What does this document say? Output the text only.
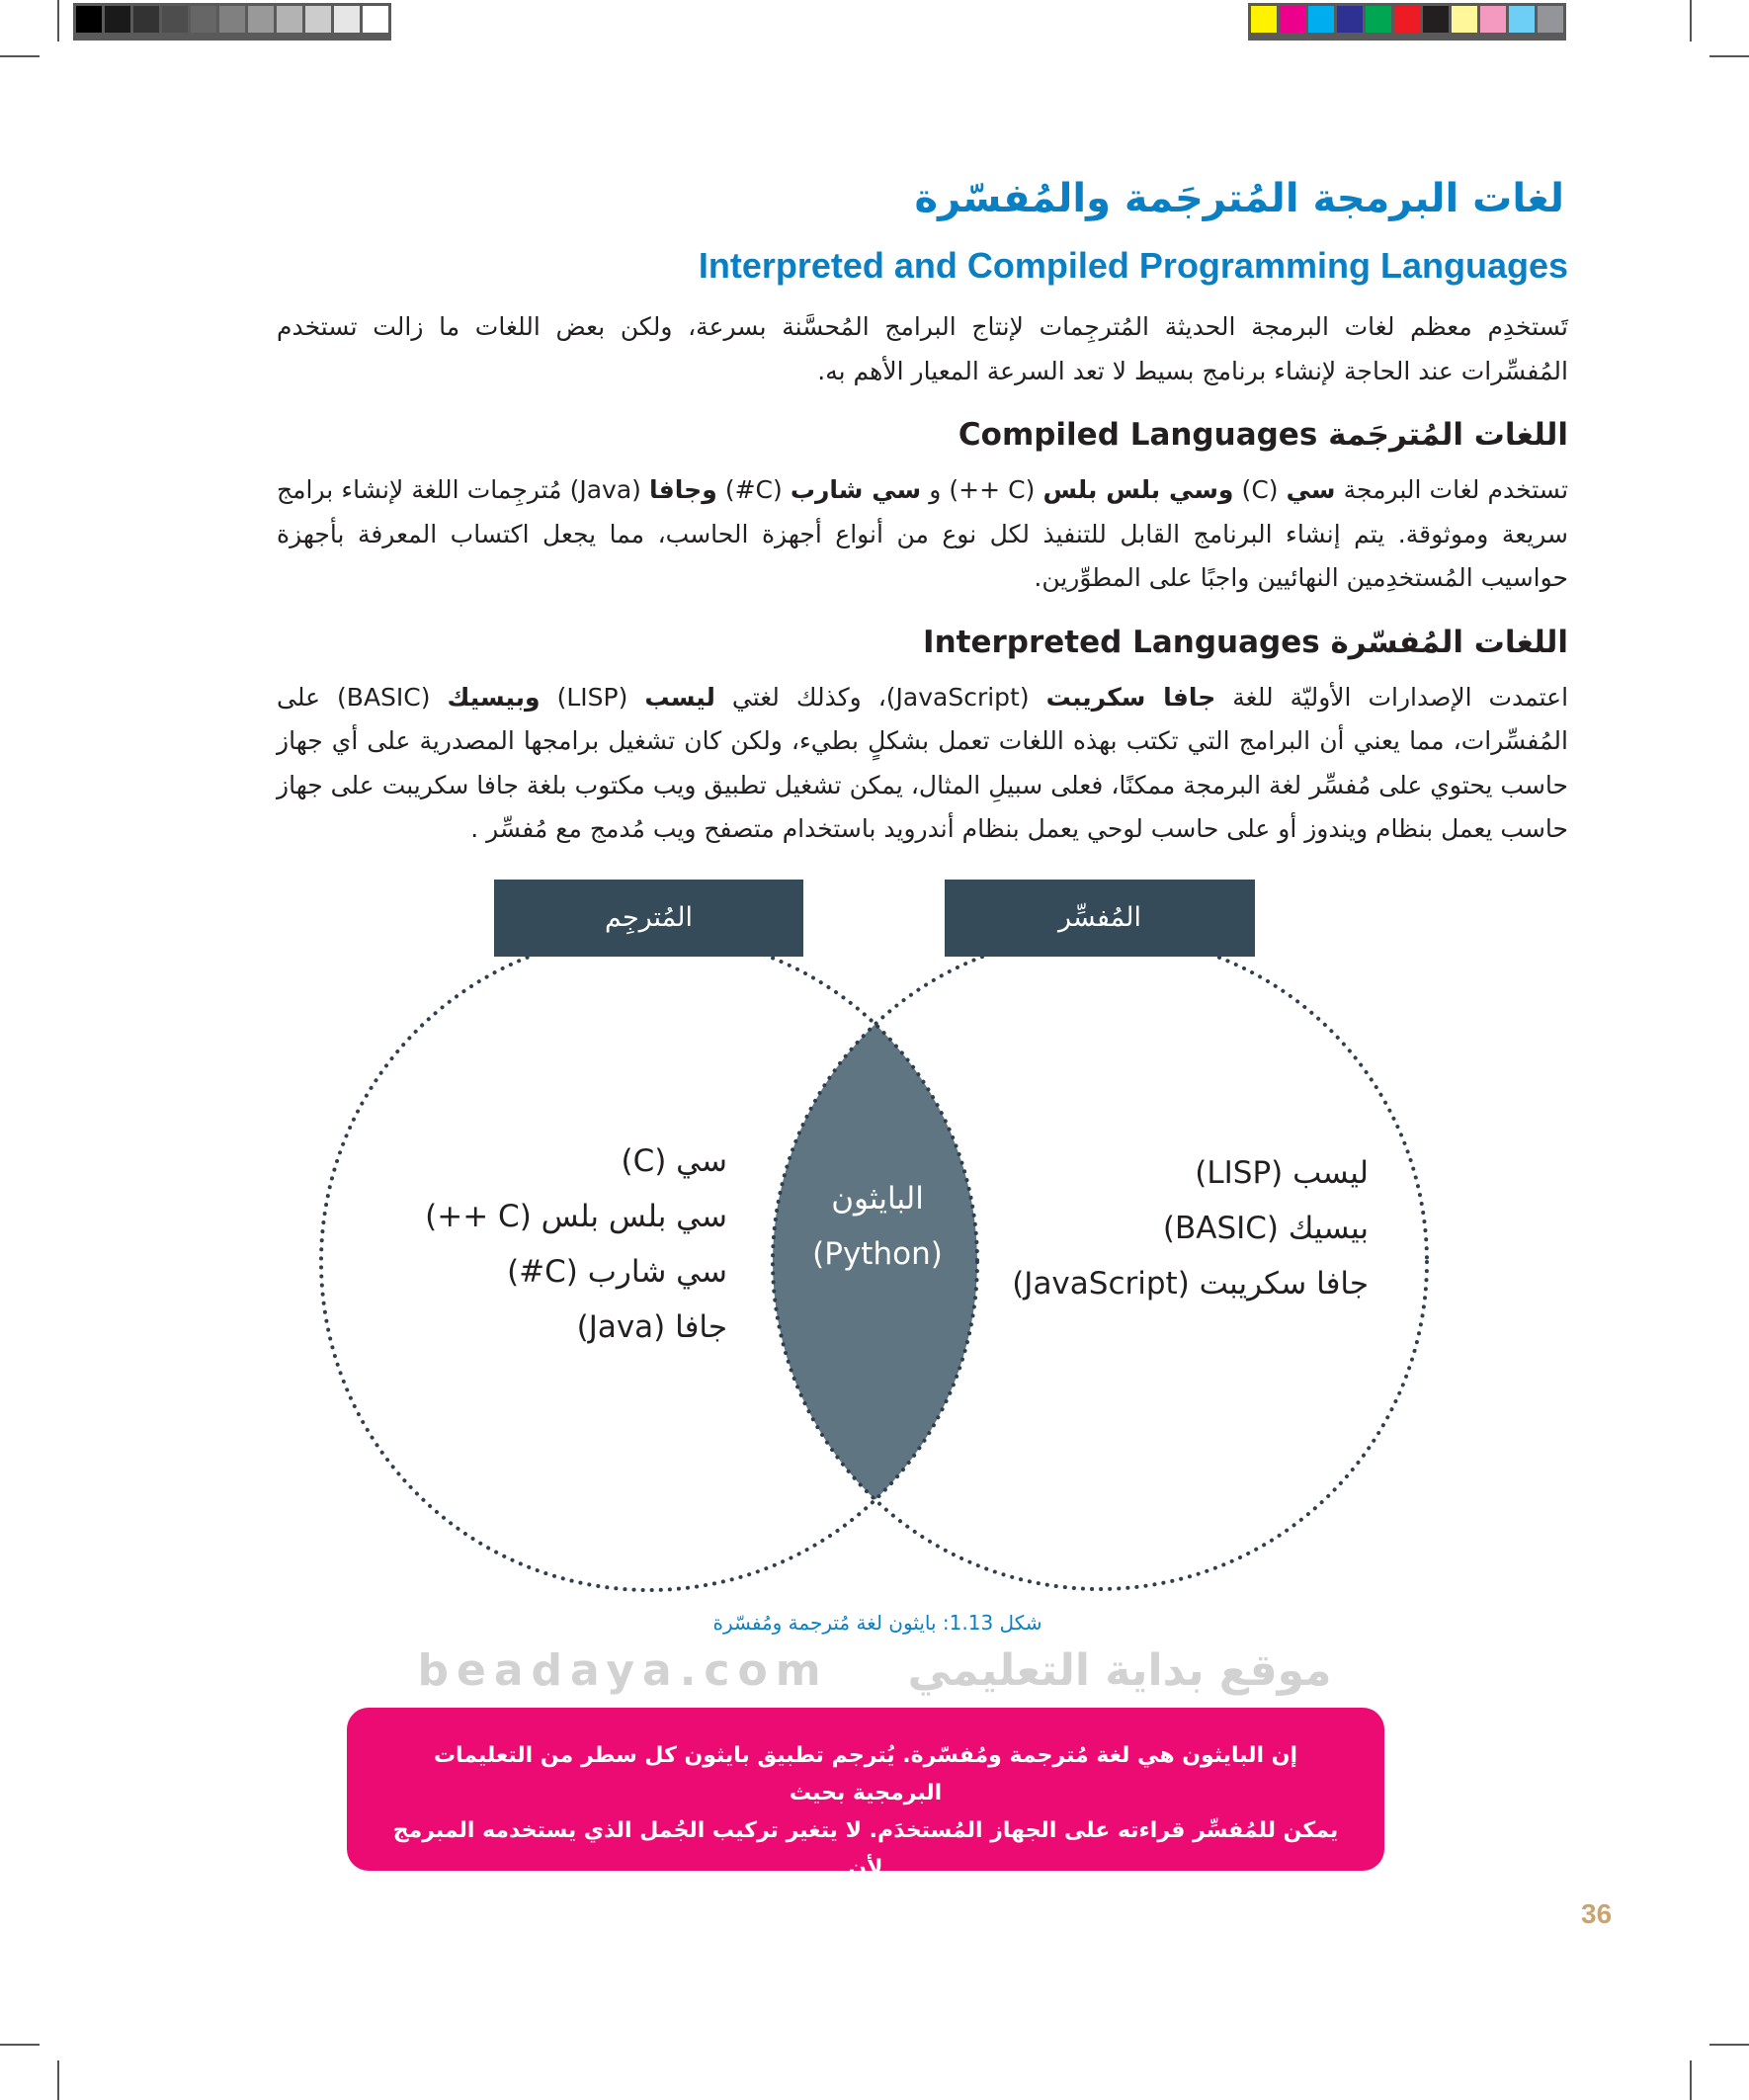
لغات البرمجة المُترجَمة والمُفسّرة
Interpreted and Compiled Programming Languages

تَستخدِم معظم لغات البرمجة الحديثة المُترجِمات لإنتاج البرامج المُحسَّنة بسرعة، ولكن بعض اللغات ما زالت تستخدم المُفسِّرات عند الحاجة لإنشاء برنامج بسيط لا تعد السرعة المعيار الأهم به.

اللغات المُترجَمة Compiled Languages

تستخدم لغات البرمجة سي (C) وسي بلس بلس (C ++) و سي شارب (C#) وجافا (Java) مُترجِمات اللغة لإنشاء برامج سريعة وموثوقة. يتم إنشاء البرنامج القابل للتنفيذ لكل نوع من أنواع أجهزة الحاسب، مما يجعل اكتساب المعرفة بأجهزة حواسيب المُستخدِمين النهائيين واجبًا على المطوِّرين.

اللغات المُفسّرة Interpreted Languages

اعتمدت الإصدارات الأوليّة للغة جافا سكريبت (JavaScript)، وكذلك لغتي ليسب (LISP) وبيسيك (BASIC) على المُفسِّرات، مما يعني أن البرامج التي تكتب بهذه اللغات تعمل بشكلٍ بطيء، ولكن كان تشغيل برامجها المصدرية على أي جهاز حاسب يحتوي على مُفسِّر لغة البرمجة ممكنًا، فعلى سبيلِ المثال، يمكن تشغيل تطبيق ويب مكتوب بلغة جافا سكريبت على جهاز حاسب يعمل بنظام ويندوز أو على حاسب لوحي يعمل بنظام أندرويد باستخدام متصفح ويب مُدمج مع مُفسِّر .

المُترجِم	المُفسِّر
سي (C)
سي بلس بلس (C ++)
سي شارب (C#)
جافا (Java)
ليسب (LISP)
بيسيك (BASIC)
جافا سكريبت (JavaScript)
البايثون
(Python)
شكل 1.13: بايثون لغة مُترجمة ومُفسّرة
beadaya.com موقع بداية التعليمي
إن البايثون هي لغة مُترجمة ومُفسّرة. يُترجم تطبيق بايثون كل سطر من التعليمات البرمجية بحيث
يمكن للمُفسِّر قراءته على الجهاز المُستخدَم. لا يتغير تركيب الجُمل الذي يستخدمه المبرمج لأن
تطبيق بايثون يحوله إلى الشكل الصحيح للمُفسِّر المُستخدَم على هذا الجهاز.	36
